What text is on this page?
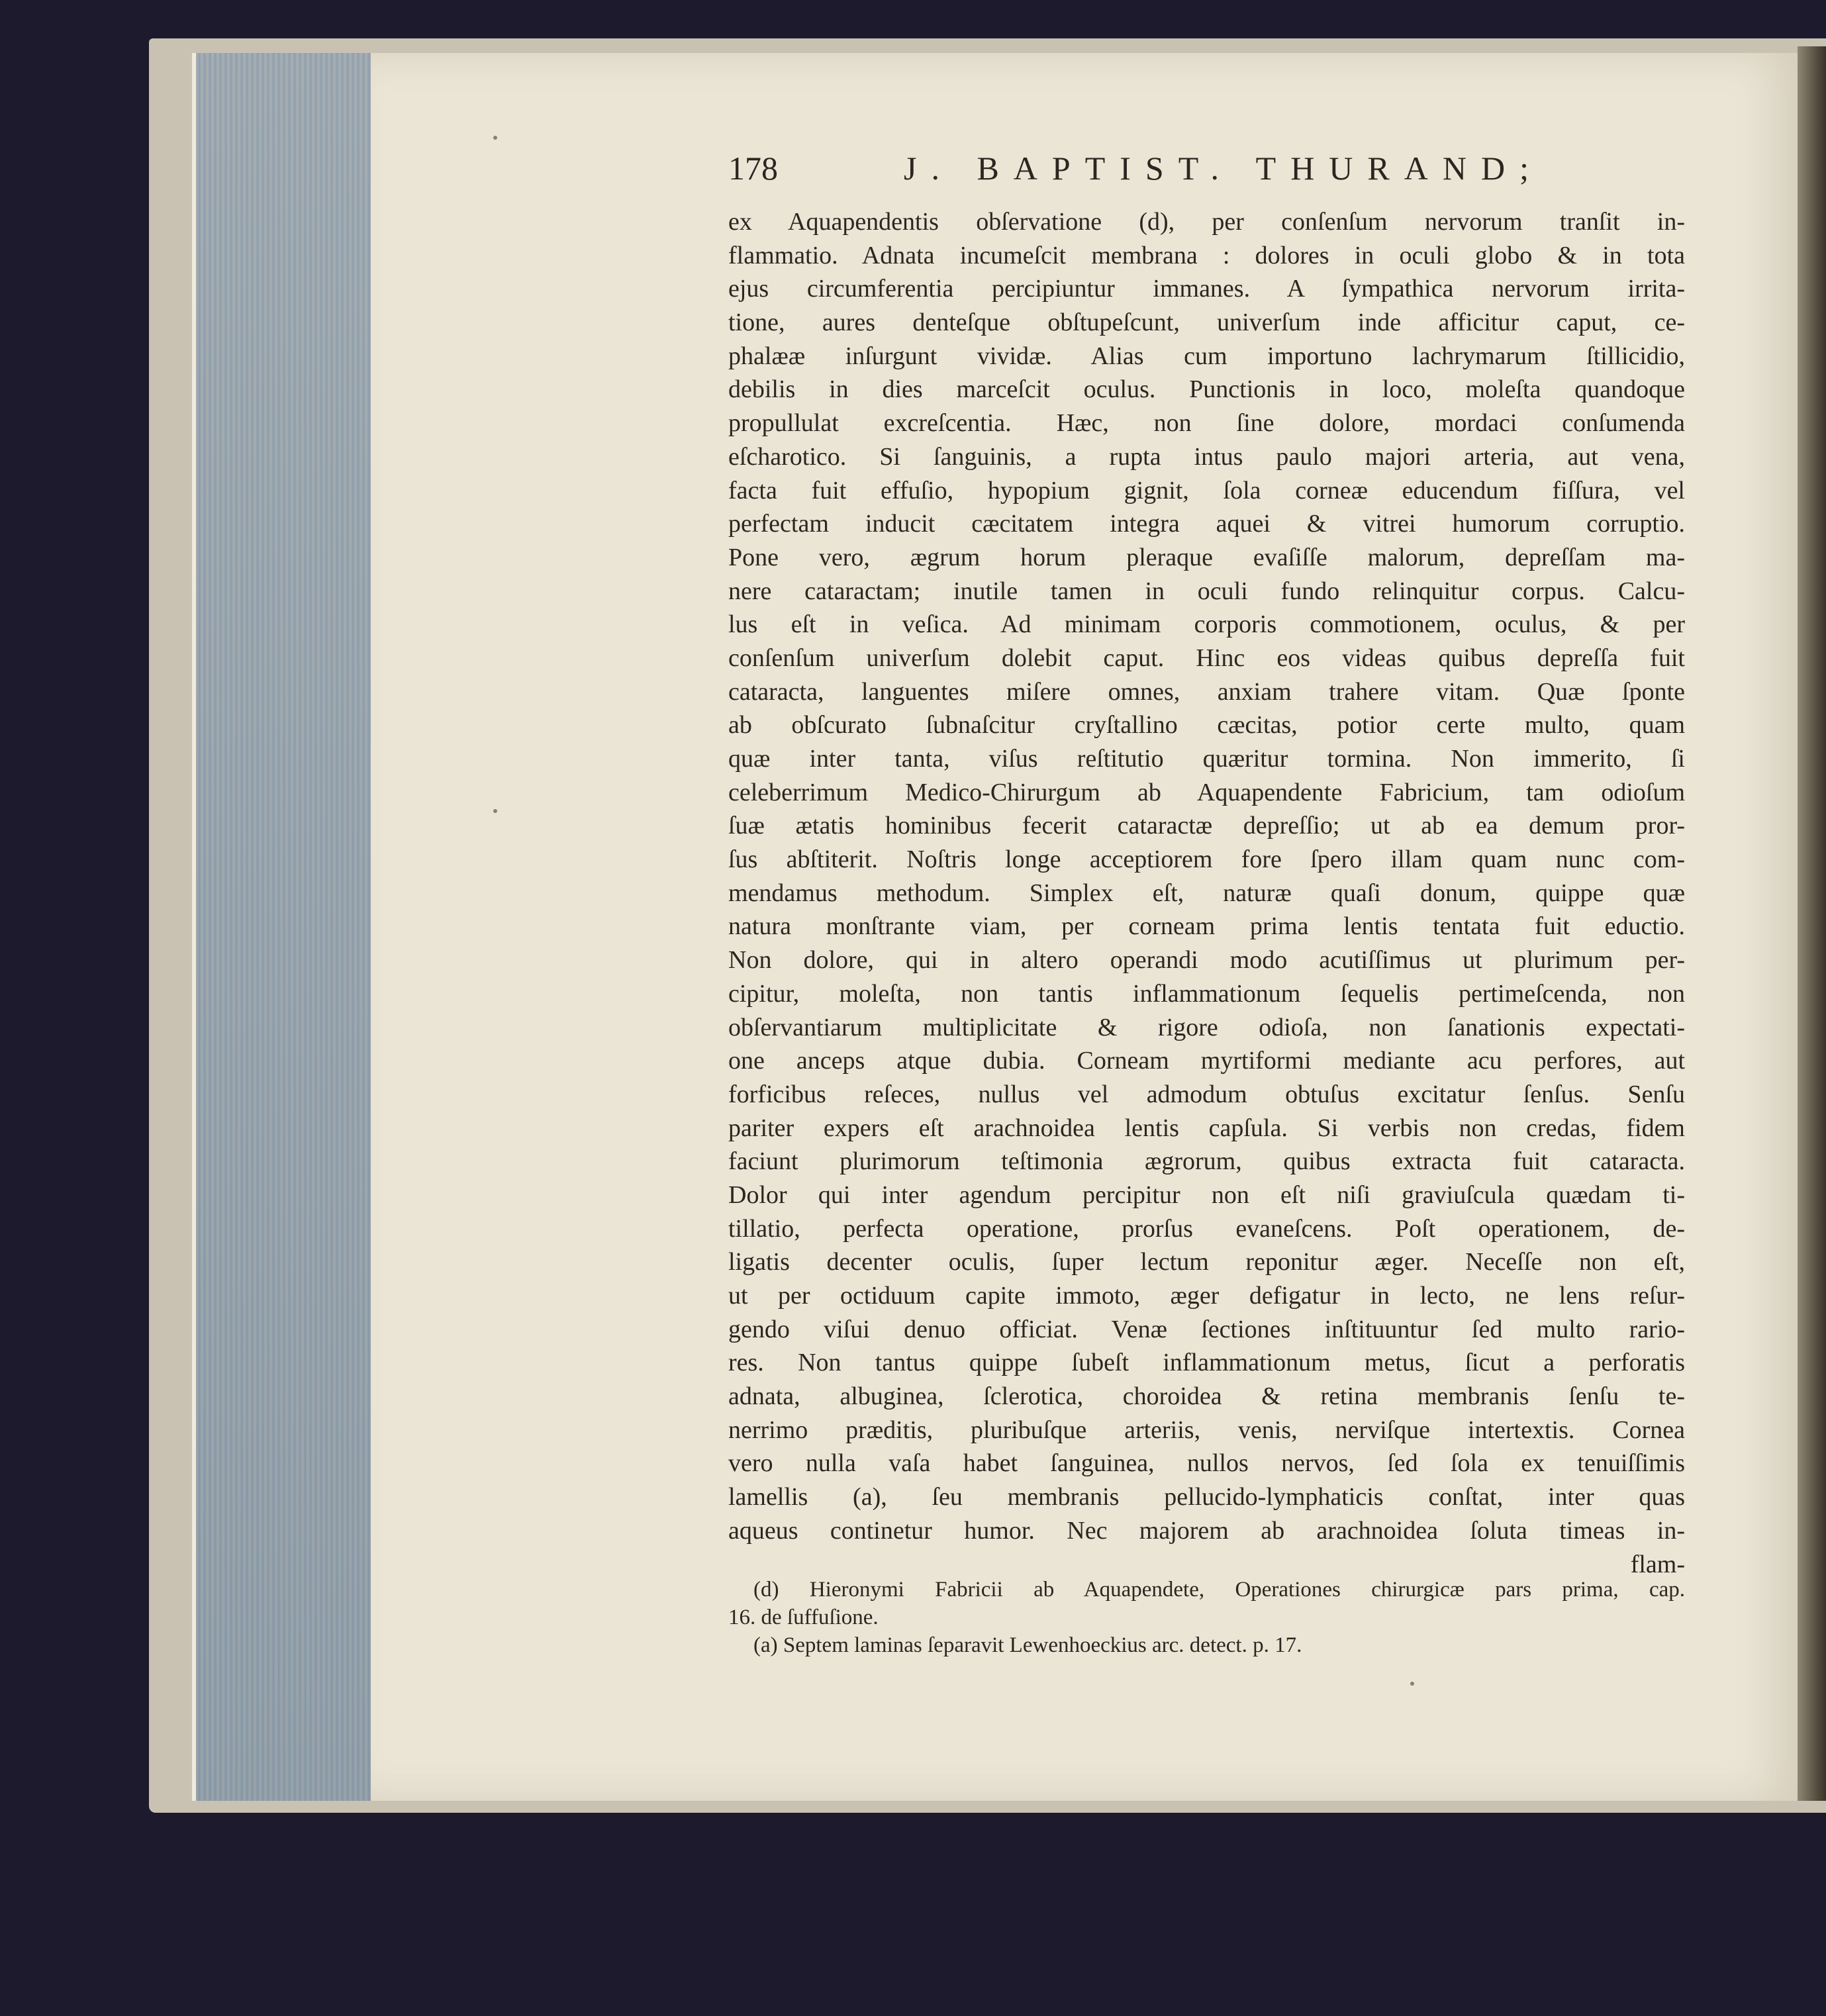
178	J. BAPTIST. THURAND;
ex Aquapendentis obſervatione (d), per conſenſum nervorum tranſit in-
flammatio. Adnata incumeſcit membrana : dolores in oculi globo & in tota
ejus circumferentia percipiuntur immanes. A ſympathica nervorum irrita-
tione, aures denteſque obſtupeſcunt, univerſum inde afficitur caput, ce-
phalææ inſurgunt vividæ. Alias cum importuno lachrymarum ſtillicidio,
debilis in dies marceſcit oculus. Punctionis in loco, moleſta quandoque
propullulat excreſcentia. Hæc, non ſine dolore, mordaci conſumenda
eſcharotico. Si ſanguinis, a rupta intus paulo majori arteria, aut vena,
facta fuit effuſio, hypopium gignit, ſola corneæ educendum fiſſura, vel
perfectam inducit cæcitatem integra aquei & vitrei humorum corruptio.
Pone vero, ægrum horum pleraque evaſiſſe malorum, depreſſam ma-
nere cataractam; inutile tamen in oculi fundo relinquitur corpus. Calcu-
lus eſt in veſica. Ad minimam corporis commotionem, oculus, & per
conſenſum univerſum dolebit caput. Hinc eos videas quibus depreſſa fuit
cataracta, languentes miſere omnes, anxiam trahere vitam. Quæ ſponte
ab obſcurato ſubnaſcitur cryſtallino cæcitas, potior certe multo, quam
quæ inter tanta, viſus reſtitutio quæritur tormina. Non immerito, ſi
celeberrimum Medico-Chirurgum ab Aquapendente Fabricium, tam odioſum
ſuæ ætatis hominibus fecerit cataractæ depreſſio; ut ab ea demum pror-
ſus abſtiterit. Noſtris longe acceptiorem fore ſpero illam quam nunc com-
mendamus methodum. Simplex eſt, naturæ quaſi donum, quippe quæ
natura monſtrante viam, per corneam prima lentis tentata fuit eductio.
Non dolore, qui in altero operandi modo acutiſſimus ut plurimum per-
cipitur, moleſta, non tantis inflammationum ſequelis pertimeſcenda, non
obſervantiarum multiplicitate & rigore odioſa, non ſanationis expectati-
one anceps atque dubia. Corneam myrtiformi mediante acu perfores, aut
forficibus reſeces, nullus vel admodum obtuſus excitatur ſenſus. Senſu
pariter expers eſt arachnoidea lentis capſula. Si verbis non credas, fidem
faciunt plurimorum teſtimonia ægrorum, quibus extracta fuit cataracta.
Dolor qui inter agendum percipitur non eſt niſi graviuſcula quædam ti-
tillatio, perfecta operatione, prorſus evaneſcens. Poſt operationem, de-
ligatis decenter oculis, ſuper lectum reponitur æger. Neceſſe non eſt,
ut per octiduum capite immoto, æger defigatur in lecto, ne lens reſur-
gendo viſui denuo officiat. Venæ ſectiones inſtituuntur ſed multo rario-
res. Non tantus quippe ſubeſt inflammationum metus, ſicut a perforatis
adnata, albuginea, ſclerotica, choroidea & retina membranis ſenſu te-
nerrimo præditis, pluribuſque arteriis, venis, nerviſque intertextis. Cornea
vero nulla vaſa habet ſanguinea, nullos nervos, ſed ſola ex tenuiſſimis
lamellis (a), ſeu membranis pellucido-lymphaticis conſtat, inter quas
aqueus continetur humor. Nec majorem ab arachnoidea ſoluta timeas in-
flam-
(d) Hieronymi Fabricii ab Aquapendete, Operationes chirurgicæ pars prima, cap.
16. de ſuffuſione.
(a) Septem laminas ſeparavit Lewenhoeckius arc. detect. p. 17.
